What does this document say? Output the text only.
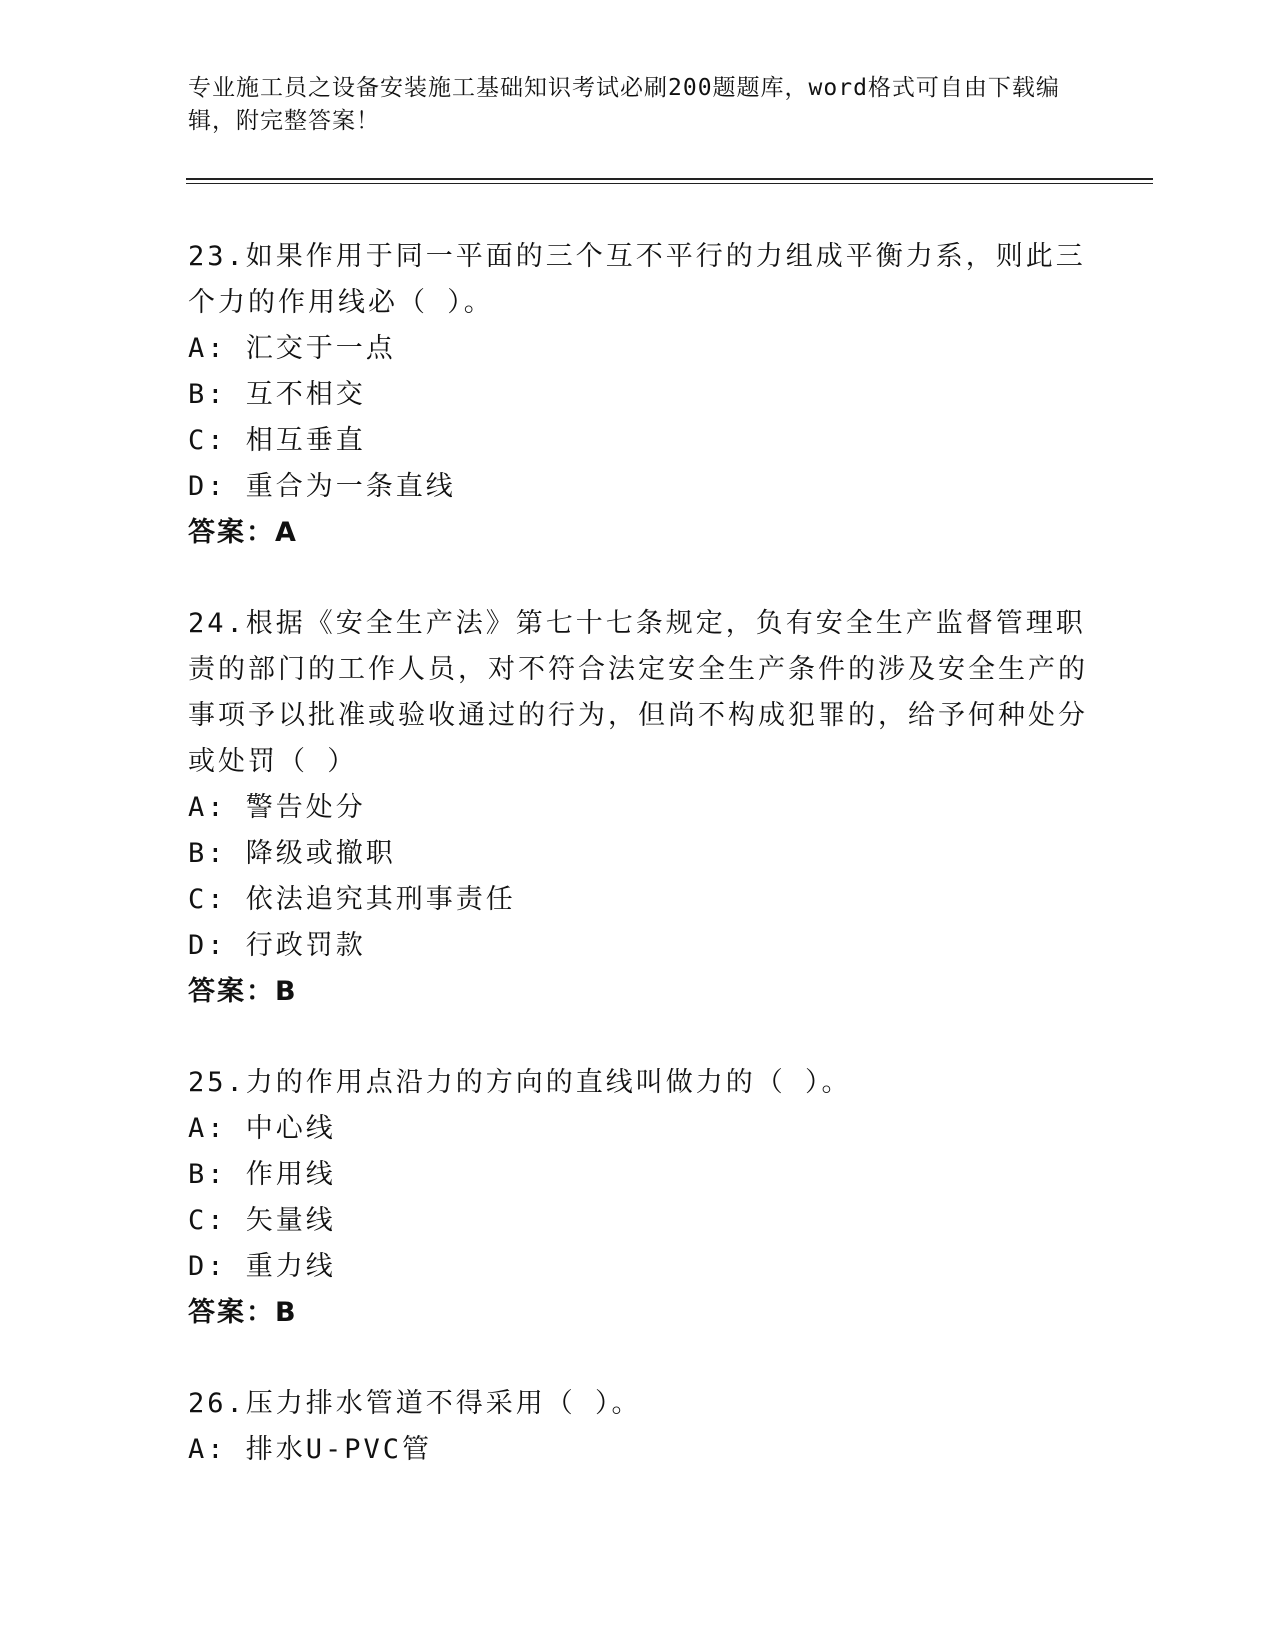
专业施工员之设备安装施工基础知识考试必刷200题题库，word格式可自由下载编辑，附完整答案！
23.如果作用于同一平面的三个互不平行的力组成平衡力系，则此三个力的作用线必（ ）。
A: 汇交于一点
B: 互不相交
C: 相互垂直
D: 重合为一条直线
答案：A
24.根据《安全生产法》第七十七条规定，负有安全生产监督管理职责的部门的工作人员，对不符合法定安全生产条件的涉及安全生产的事项予以批准或验收通过的行为，但尚不构成犯罪的，给予何种处分或处罚（ ）
A: 警告处分
B: 降级或撤职
C: 依法追究其刑事责任
D: 行政罚款
答案：B
25.力的作用点沿力的方向的直线叫做力的（ ）。
A: 中心线
B: 作用线
C: 矢量线
D: 重力线
答案：B
26.压力排水管道不得采用（ ）。
A: 排水U-PVC管
